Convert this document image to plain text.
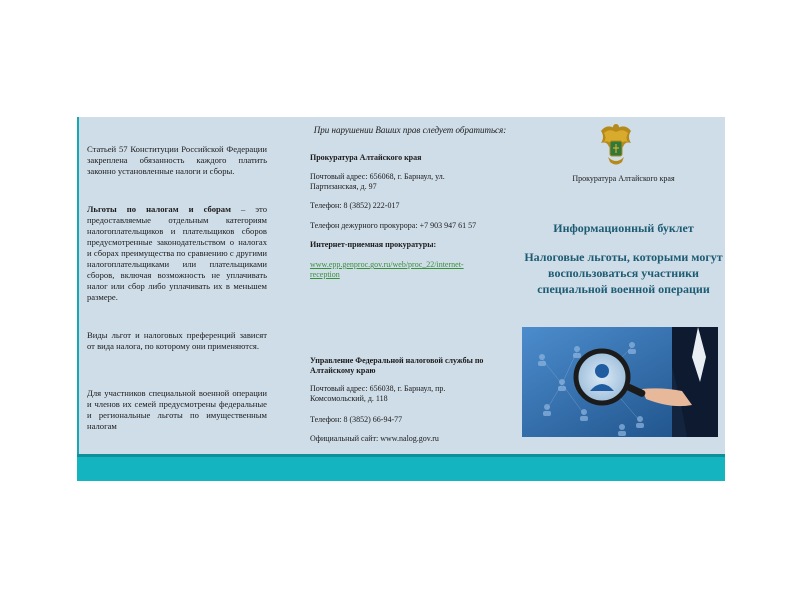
Статьей 57 Конституции Российской Федерации закреплена обязанность каждого платить законно установленные налоги и сборы.

Льготы по налогам и сборам – это предоставляемые отдельным категориям налогоплательщиков и плательщиков сборов предусмотренные законодательством о налогах и сборах преимущества по сравнению с другими налогоплательщиками или плательщиками сборов, включая возможность не уплачивать налог или сбор либо уплачивать их в меньшем размере.

Виды льгот и налоговых преференций зависят от вида налога, по которому они применяются.

Для участников специальной военной операции и членов их семей предусмотрены федеральные и региональные льготы по имущественным налогам

При нарушении Ваших прав следует обратиться:

Прокуратура Алтайского края

Почтовый адрес: 656068, г. Барнаул, ул. Партизанская, д. 97

Телефон: 8 (3852) 222-017

Телефон дежурного прокурора: +7 903 947 61 57

Интернет-приемная прокуратуры:

www.epp.genproc.gov.ru/web/proc_22/internet-reception

Управление Федеральной налоговой службы по Алтайскому краю

Почтовый адрес: 656038, г. Барнаул, пр. Комсомольский, д. 118

Телефон: 8 (3852) 66-94-77

Официальный сайт: www.nalog.gov.ru

Прокуратура Алтайского края
Информационный буклет
Налоговые льготы, которыми могут воспользоваться участники специальной военной операции
